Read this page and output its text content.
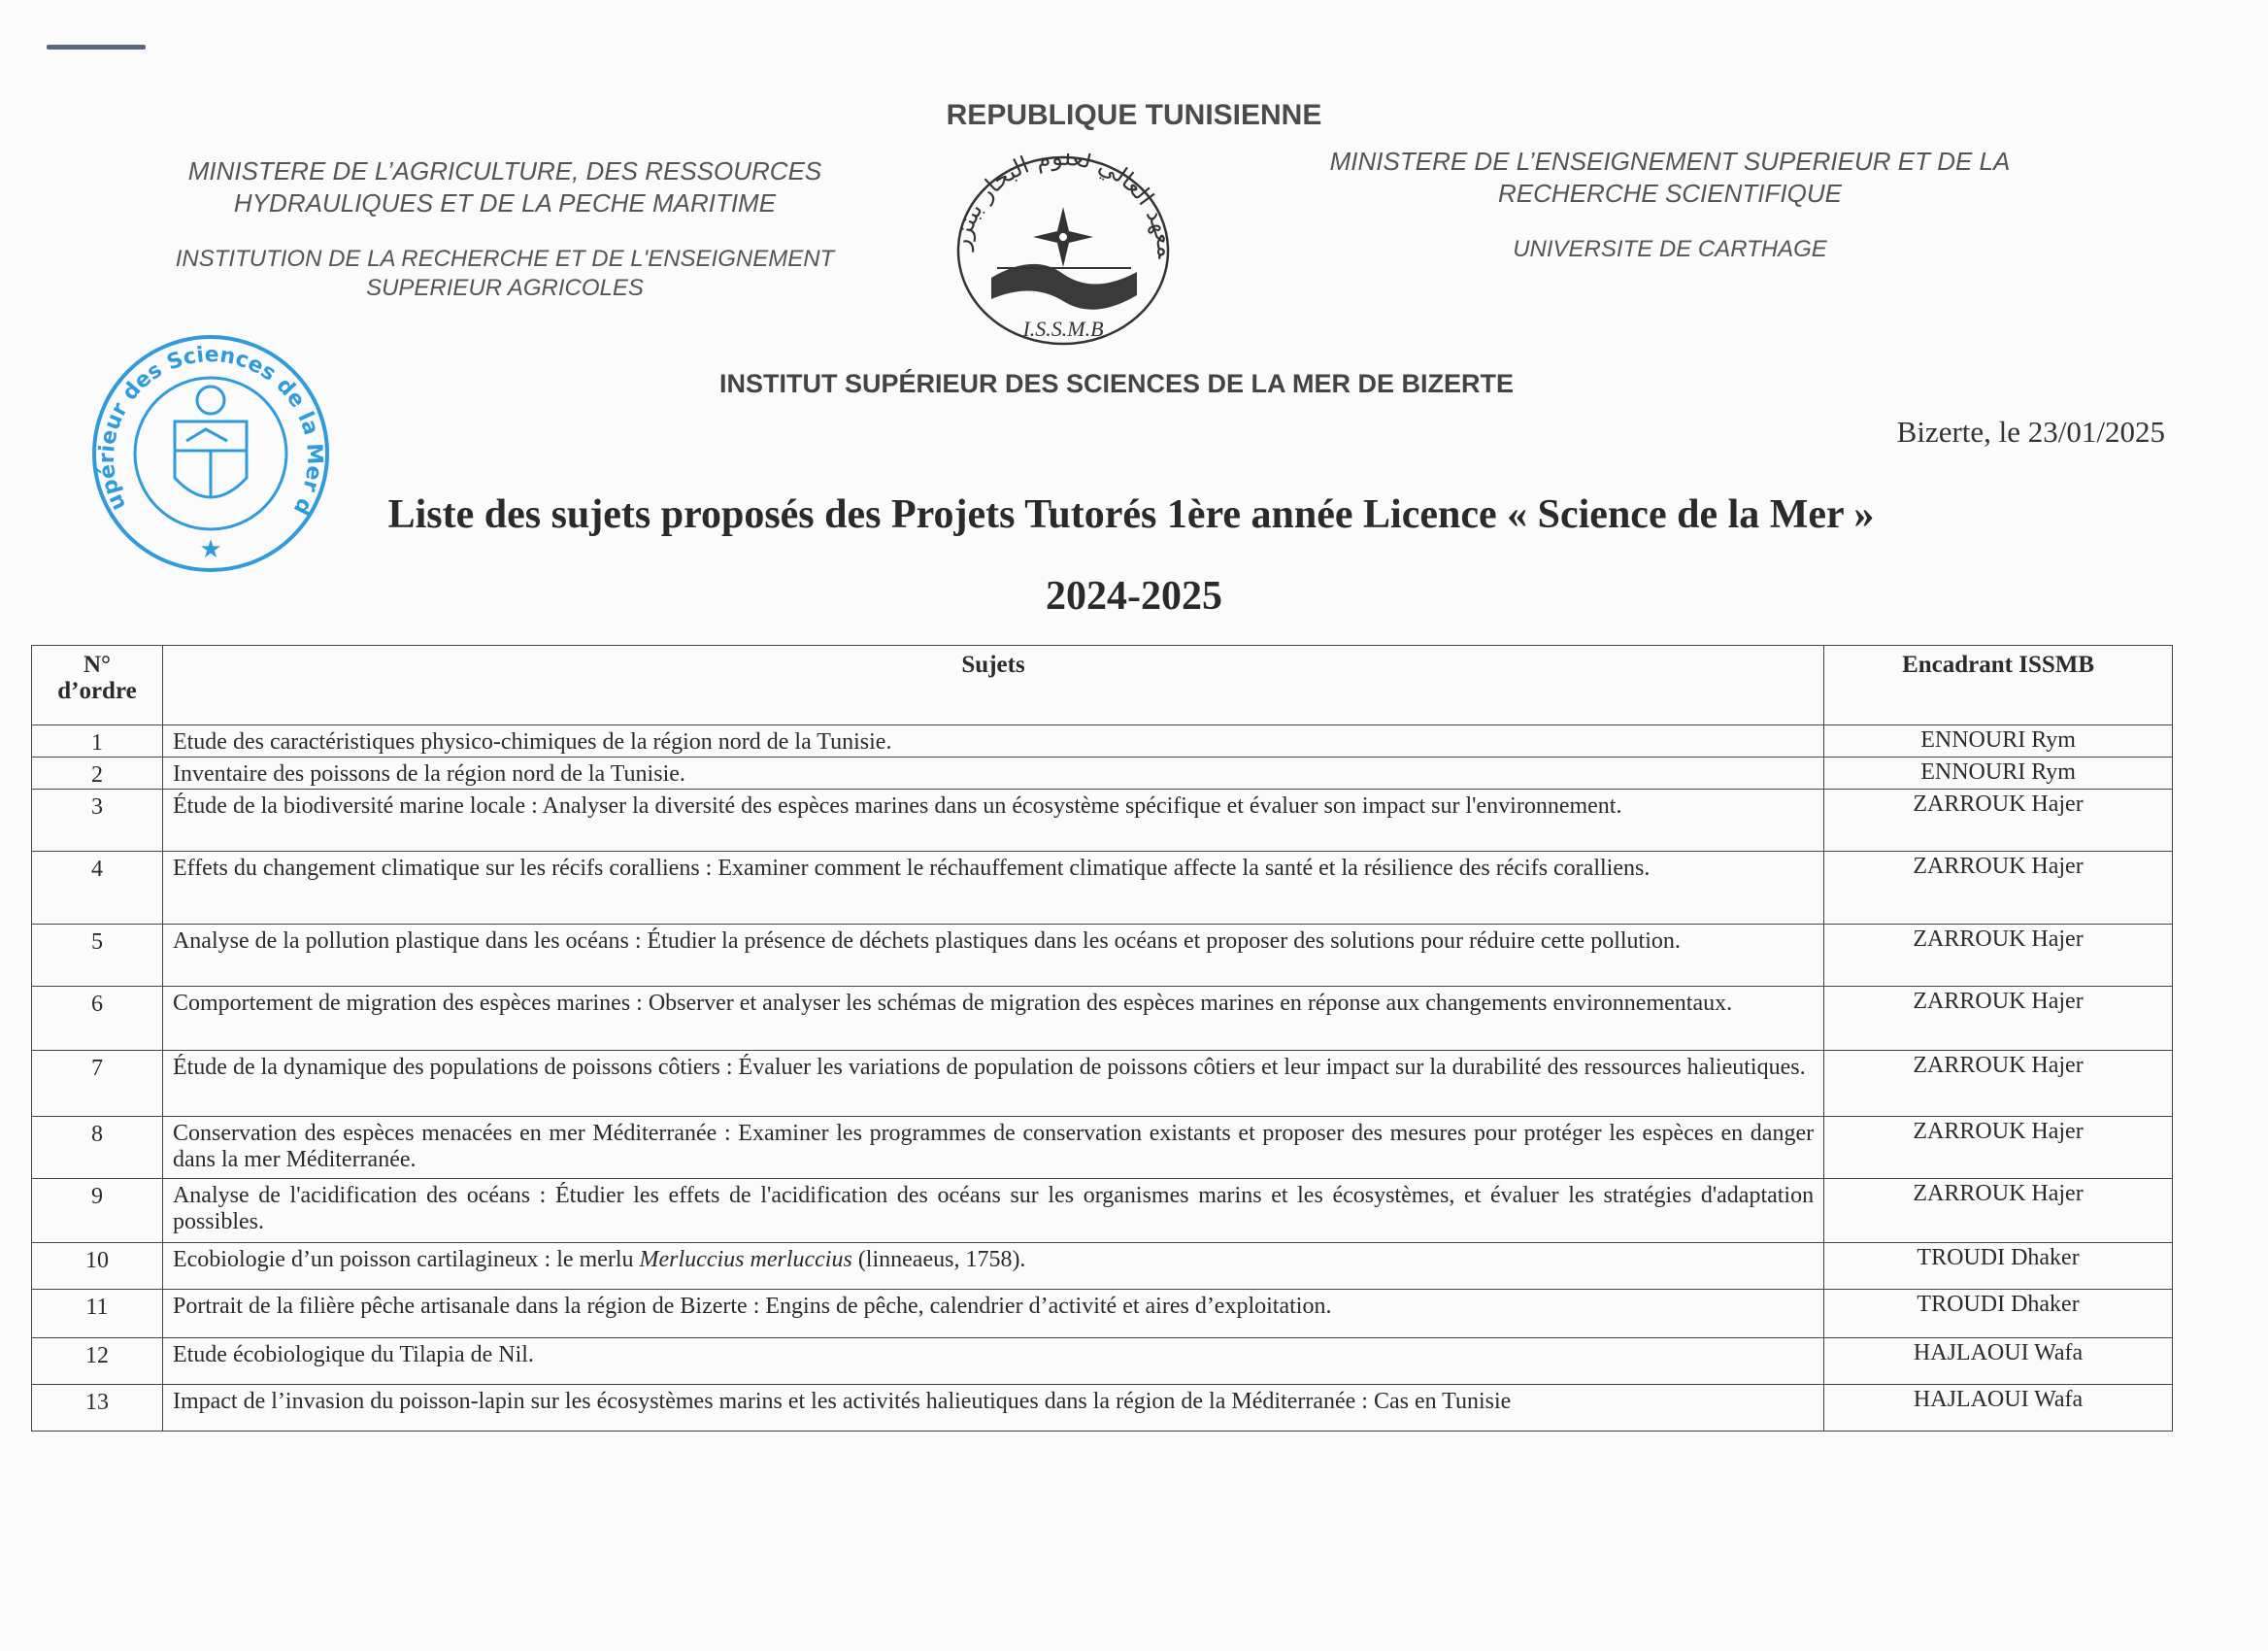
REPUBLIQUE TUNISIENNE
MINISTERE DE L’AGRICULTURE, DES RESSOURCES
HYDRAULIQUES ET DE LA PECHE MARITIME
INSTITUTION DE LA RECHERCHE ET DE L'ENSEIGNEMENT
SUPERIEUR AGRICOLES
MINISTERE DE L’ENSEIGNEMENT SUPERIEUR ET DE LA
RECHERCHE SCIENTIFIQUE
UNIVERSITE DE CARTHAGE
معهد العالي لعلوم البحار ببنزر
I.S.S.M.B
upérieur des Sciences de la Mer d
★
INSTITUT SUPÉRIEUR DES SCIENCES DE LA MER DE BIZERTE
Bizerte, le 23/01/2025
Liste des sujets proposés des Projets Tutorés 1ère année Licence « Science de la Mer »
2024-2025
N°
d’ordre	Sujets	Encadrant ISSMB
1	Etude des caractéristiques physico-chimiques de la région nord de la Tunisie.	ENNOURI Rym
2	Inventaire des poissons de la région nord de la Tunisie.	ENNOURI Rym
3	Étude de la biodiversité marine locale : Analyser la diversité des espèces marines dans un écosystème spécifique et évaluer son impact sur l'environnement.	ZARROUK Hajer
4	Effets du changement climatique sur les récifs coralliens : Examiner comment le réchauffement climatique affecte la santé et la résilience des récifs coralliens.	ZARROUK Hajer
5	Analyse de la pollution plastique dans les océans : Étudier la présence de déchets plastiques dans les océans et proposer des solutions pour réduire cette pollution.	ZARROUK Hajer
6	Comportement de migration des espèces marines : Observer et analyser les schémas de migration des espèces marines en réponse aux changements environnementaux.	ZARROUK Hajer
7	Étude de la dynamique des populations de poissons côtiers : Évaluer les variations de population de poissons côtiers et leur impact sur la durabilité des ressources halieutiques.	ZARROUK Hajer
8	Conservation des espèces menacées en mer Méditerranée : Examiner les programmes de conservation existants et proposer des mesures pour protéger les espèces en danger dans la mer Méditerranée.	ZARROUK Hajer
9	Analyse de l'acidification des océans : Étudier les effets de l'acidification des océans sur les organismes marins et les écosystèmes, et évaluer les stratégies d'adaptation possibles.	ZARROUK Hajer
10	Ecobiologie d’un poisson cartilagineux : le merlu Merluccius merluccius (linneaeus, 1758).	TROUDI Dhaker
11	Portrait de la filière pêche artisanale dans la région de Bizerte : Engins de pêche, calendrier d’activité et aires d’exploitation.	TROUDI Dhaker
12	Etude écobiologique du Tilapia de Nil.	HAJLAOUI Wafa
13	Impact de l’invasion du poisson-lapin sur les écosystèmes marins et les activités halieutiques dans la région de la Méditerranée : Cas en Tunisie	HAJLAOUI Wafa
